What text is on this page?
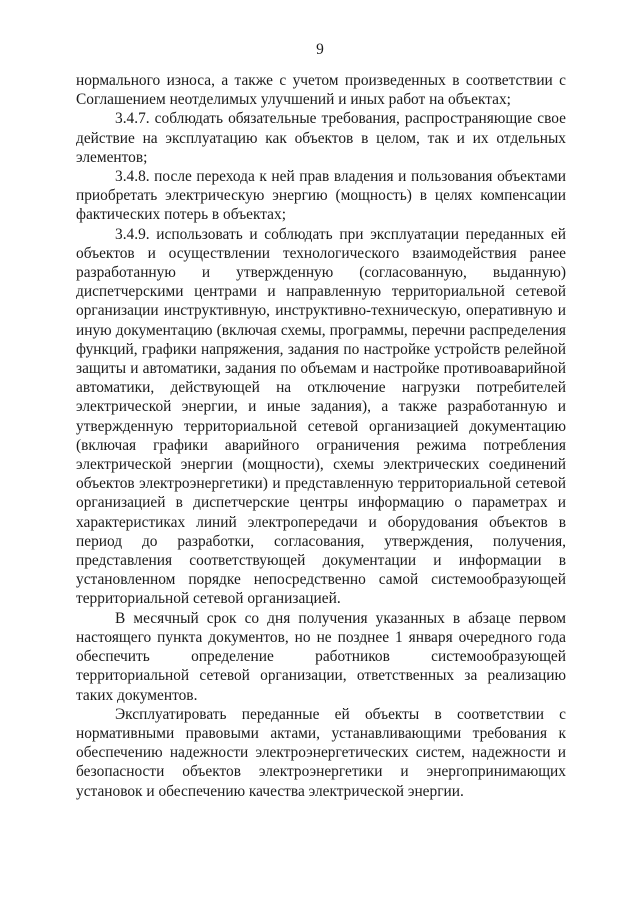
9

нормального износа, а также с учетом произведенных в соответствии с Соглашением неотделимых улучшений и иных работ на объектах;

3.4.7. соблюдать обязательные требования, распространяющие свое действие на эксплуатацию как объектов в целом, так и их отдельных элементов;

3.4.8. после перехода к ней прав владения и пользования объектами приобретать электрическую энергию (мощность) в целях компенсации фактических потерь в объектах;

3.4.9. использовать и соблюдать при эксплуатации переданных ей объектов и осуществлении технологического взаимодействия ранее разработанную и утвержденную (согласованную, выданную) диспетчерскими центрами и направленную территориальной сетевой организации инструктивную, инструктивно-техническую, оперативную и иную документацию (включая схемы, программы, перечни распределения функций, графики напряжения, задания по настройке устройств релейной защиты и автоматики, задания по объемам и настройке противоаварийной автоматики, действующей на отключение нагрузки потребителей электрической энергии, и иные задания), а также разработанную и утвержденную территориальной сетевой организацией документацию (включая графики аварийного ограничения режима потребления электрической энергии (мощности), схемы электрических соединений объектов электроэнергетики) и представленную территориальной сетевой организацией в диспетчерские центры информацию о параметрах и характеристиках линий электропередачи и оборудования объектов в период до разработки, согласования, утверждения, получения, представления соответствующей документации и информации в установленном порядке непосредственно самой системообразующей территориальной сетевой организацией.

В месячный срок со дня получения указанных в абзаце первом настоящего пункта документов, но не позднее 1 января очередного года обеспечить определение работников системообразующей территориальной сетевой организации, ответственных за реализацию таких документов.

Эксплуатировать переданные ей объекты в соответствии с нормативными правовыми актами, устанавливающими требования к обеспечению надежности электроэнергетических систем, надежности и безопасности объектов электроэнергетики и энергопринимающих установок и обеспечению качества электрической энергии.
